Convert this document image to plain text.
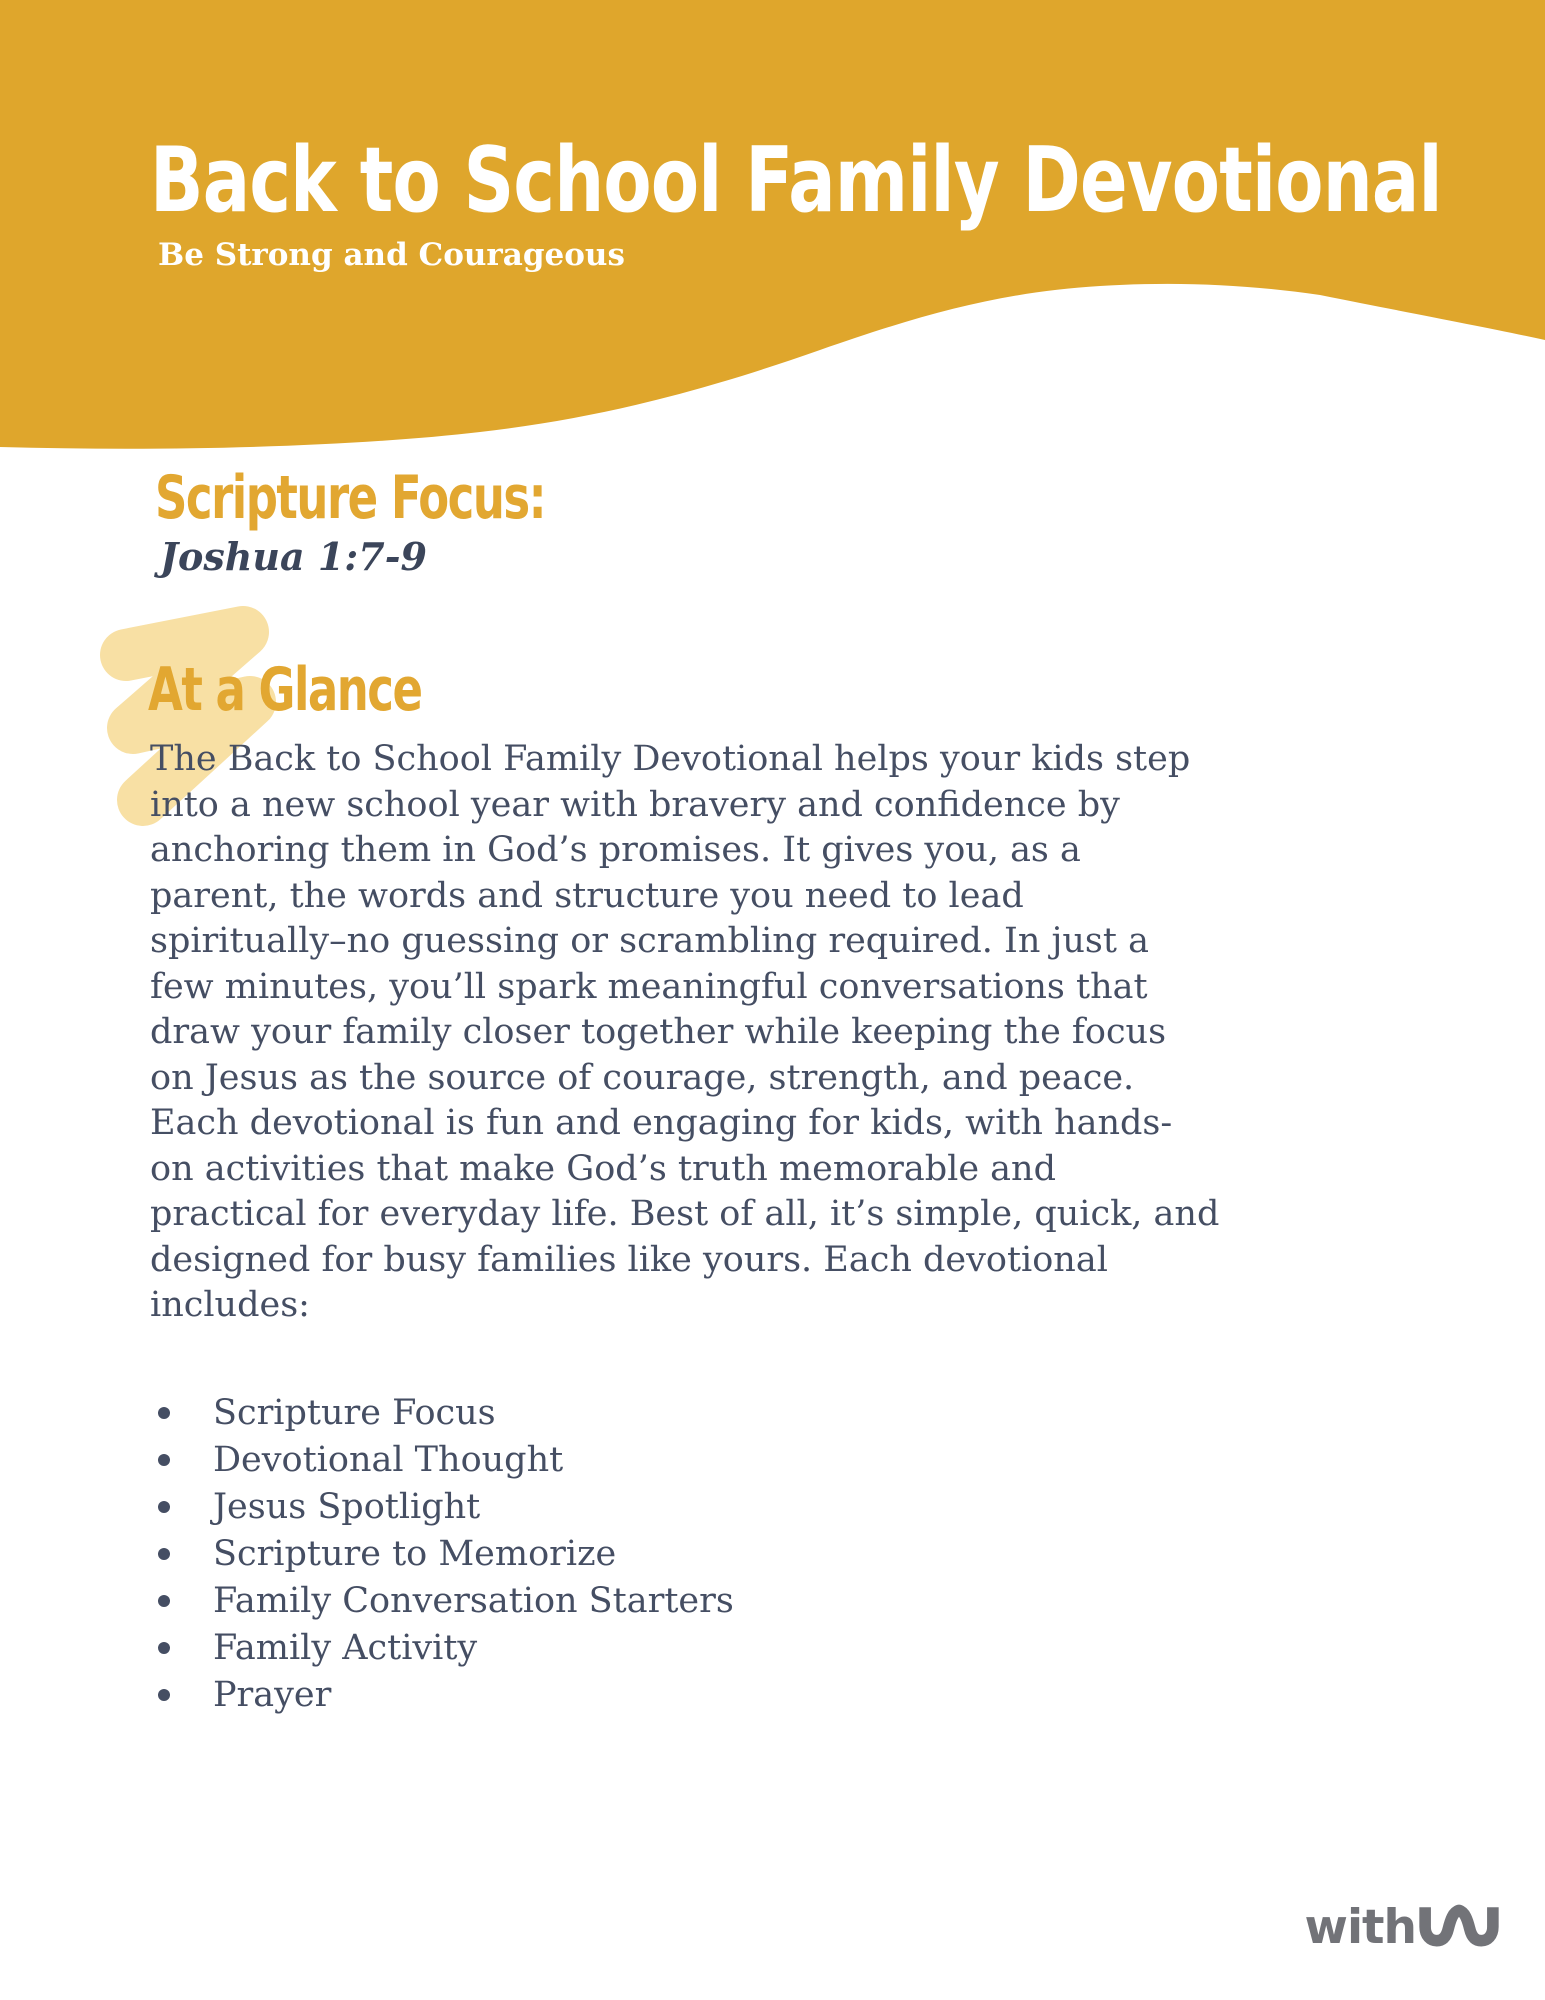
Back to School Family Devotional
Be Strong and Courageous
Scripture Focus:
Joshua 1:7-9
At a Glance
The Back to School Family Devotional helps your kids step
into a new school year with bravery and confidence by
anchoring them in God’s promises. It gives you, as a
parent, the words and structure you need to lead
spiritually–no guessing or scrambling required. In just a
few minutes, you’ll spark meaningful conversations that
draw your family closer together while keeping the focus
on Jesus as the source of courage, strength, and peace.
Each devotional is fun and engaging for kids, with hands-
on activities that make God’s truth memorable and
practical for everyday life. Best of all, it’s simple, quick, and
designed for busy families like yours. Each devotional
includes:
Scripture Focus
Devotional Thought
Jesus Spotlight
Scripture to Memorize
Family Conversation Starters
Family Activity
Prayer
with
